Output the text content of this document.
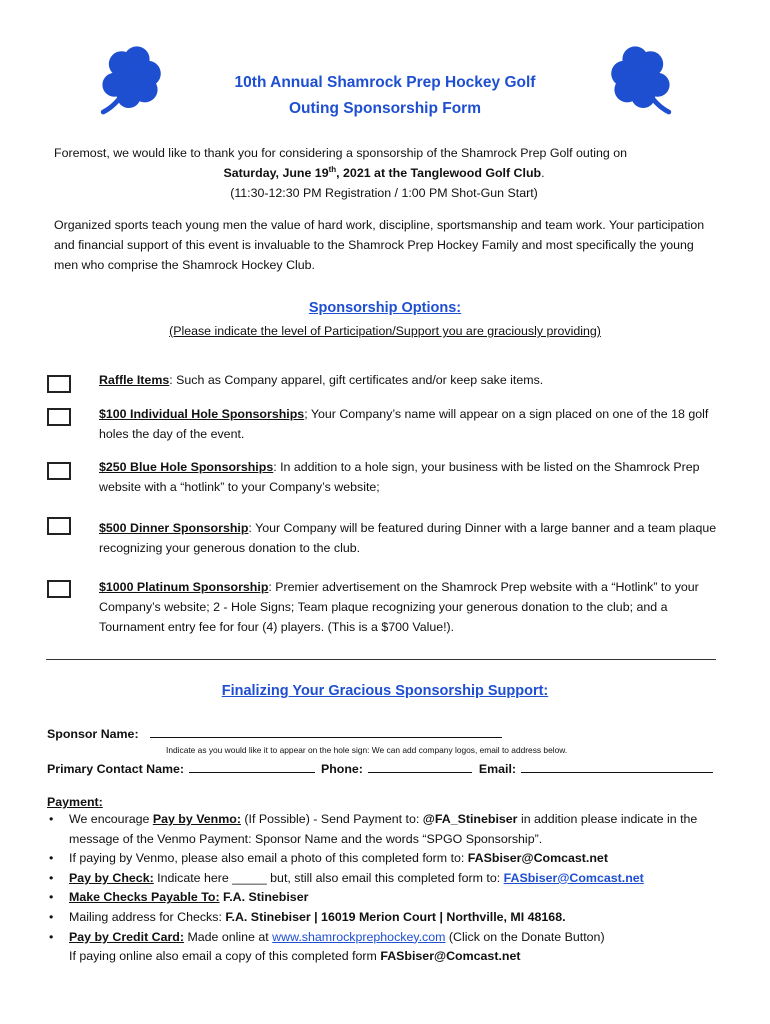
10th Annual Shamrock Prep Hockey Golf
Outing Sponsorship Form
Foremost, we would like to thank you for considering a sponsorship of the Shamrock Prep Golf outing on
Saturday, June 19th, 2021 at the Tanglewood Golf Club.
(11:30-12:30 PM Registration / 1:00 PM Shot-Gun Start)
Organized sports teach young men the value of hard work, discipline, sportsmanship and team work. Your participation and financial support of this event is invaluable to the Shamrock Prep Hockey Family and most specifically the young men who comprise the Shamrock Hockey Club.
Sponsorship Options:
(Please indicate the level of Participation/Support you are graciously providing)
Raffle Items: Such as Company apparel, gift certificates and/or keep sake items.
$100 Individual Hole Sponsorships; Your Company’s name will appear on a sign placed on one of the 18 golf holes the day of the event.
$250 Blue Hole Sponsorships: In addition to a hole sign, your business with be listed on the Shamrock Prep website with a “hotlink” to your Company’s website;
$500 Dinner Sponsorship: Your Company will be featured during Dinner with a large banner and a team plaque recognizing your generous donation to the club.
$1000 Platinum Sponsorship: Premier advertisement on the Shamrock Prep website with a “Hotlink” to your Company’s website; 2 - Hole Signs; Team plaque recognizing your generous donation to the club; and a Tournament entry fee for four (4) players. (This is a $700 Value!).
Finalizing Your Gracious Sponsorship Support:
Sponsor Name:
Indicate as you would like it to appear on the hole sign: We can add company logos, email to address below.
Primary Contact Name:	Phone:	Email:
Payment:
• We encourage Pay by Venmo: (If Possible) - Send Payment to: @FA_Stinebiser in addition please indicate in the message of the Venmo Payment: Sponsor Name and the words “SPGO Sponsorship”.
• If paying by Venmo, please also email a photo of this completed form to: FASbiser@Comcast.net
• Pay by Check: Indicate here _____ but, still also email this completed form to: FASbiser@Comcast.net
• Make Checks Payable To: F.A. Stinebiser
• Mailing address for Checks: F.A. Stinebiser | 16019 Merion Court | Northville, MI 48168.
• Pay by Credit Card: Made online at www.shamrockprephockey.com (Click on the Donate Button)
If paying online also email a copy of this completed form FASbiser@Comcast.net
